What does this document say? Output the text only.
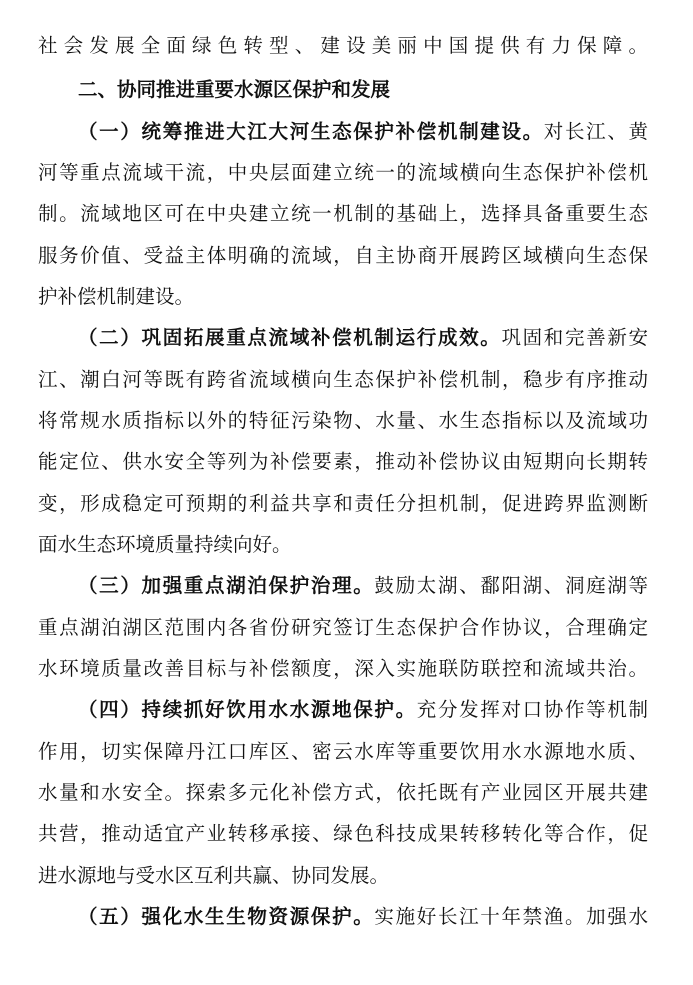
社会发展全面绿色转型、建设美丽中国提供有力保障。
二、协同推进重要水源区保护和发展
（一）统筹推进大江大河生态保护补偿机制建设。对长江、黄
河等重点流域干流，中央层面建立统一的流域横向生态保护补偿机
制。流域地区可在中央建立统一机制的基础上，选择具备重要生态
服务价值、受益主体明确的流域，自主协商开展跨区域横向生态保
护补偿机制建设。
（二）巩固拓展重点流域补偿机制运行成效。巩固和完善新安
江、潮白河等既有跨省流域横向生态保护补偿机制，稳步有序推动
将常规水质指标以外的特征污染物、水量、水生态指标以及流域功
能定位、供水安全等列为补偿要素，推动补偿协议由短期向长期转
变，形成稳定可预期的利益共享和责任分担机制，促进跨界监测断
面水生态环境质量持续向好。
（三）加强重点湖泊保护治理。鼓励太湖、鄱阳湖、洞庭湖等
重点湖泊湖区范围内各省份研究签订生态保护合作协议，合理确定
水环境质量改善目标与补偿额度，深入实施联防联控和流域共治。
（四）持续抓好饮用水水源地保护。充分发挥对口协作等机制
作用，切实保障丹江口库区、密云水库等重要饮用水水源地水质、
水量和水安全。探索多元化补偿方式，依托既有产业园区开展共建
共营，推动适宜产业转移承接、绿色科技成果转移转化等合作，促
进水源地与受水区互利共赢、协同发展。
（五）强化水生生物资源保护。实施好长江十年禁渔。加强水
